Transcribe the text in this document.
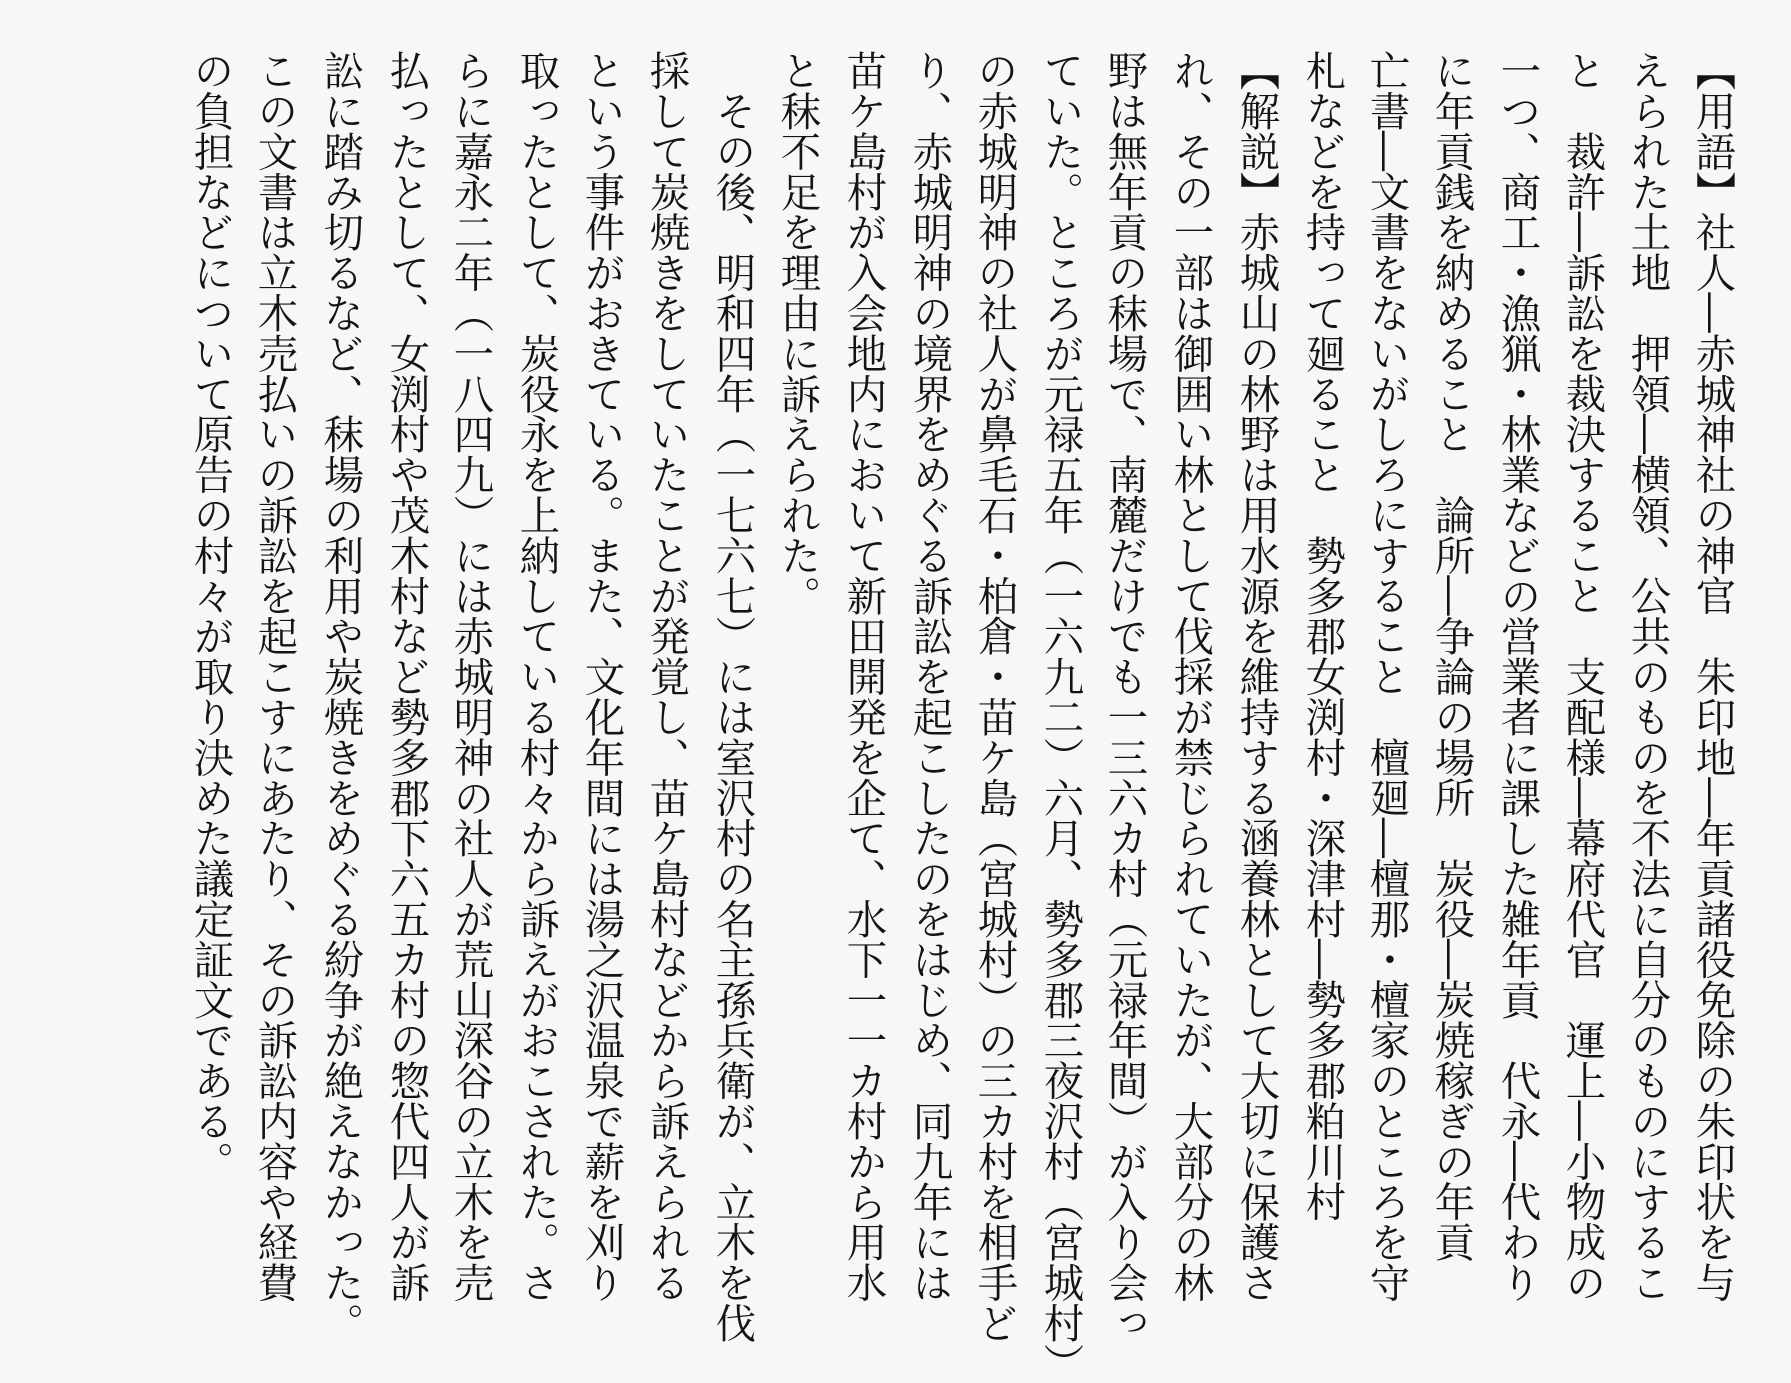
【用語】社人―赤城神社の神官　朱印地―年貢諸役免除の朱印状を与
えられた土地　押領―横領、公共のものを不法に自分のものにするこ
と　裁許―訴訟を裁決すること　支配様―幕府代官　運上―小物成の
一つ、商工・漁猟・林業などの営業者に課した雑年貢　代永―代わり
に年貢銭を納めること　論所―争論の場所　炭役―炭焼稼ぎの年貢
亡書―文書をないがしろにすること　檀廻―檀那・檀家のところを守
札などを持って廻ること　勢多郡女渕村・深津村―勢多郡粕川村
【解説】赤城山の林野は用水源を維持する涵養林として大切に保護さ
れ、その一部は御囲い林として伐採が禁じられていたが、大部分の林
野は無年貢の秣場で、南麓だけでも一三六カ村（元禄年間）が入り会っ
ていた。ところが元禄五年（一六九二）六月、勢多郡三夜沢村（宮城村）
の赤城明神の社人が鼻毛石・柏倉・苗ケ島（宮城村）の三カ村を相手ど
り、赤城明神の境界をめぐる訴訟を起こしたのをはじめ、同九年には
苗ケ島村が入会地内において新田開発を企て、水下一一カ村から用水
と秣不足を理由に訴えられた。
　その後、明和四年（一七六七）には室沢村の名主孫兵衛が、立木を伐
採して炭焼きをしていたことが発覚し、苗ケ島村などから訴えられる
という事件がおきている。また、文化年間には湯之沢温泉で薪を刈り
取ったとして、炭役永を上納している村々から訴えがおこされた。さ
らに嘉永二年（一八四九）には赤城明神の社人が荒山深谷の立木を売
払ったとして、女渕村や茂木村など勢多郡下六五カ村の惣代四人が訴
訟に踏み切るなど、秣場の利用や炭焼きをめぐる紛争が絶えなかった。
この文書は立木売払いの訴訟を起こすにあたり、その訴訟内容や経費
の負担などについて原告の村々が取り決めた議定証文である。
